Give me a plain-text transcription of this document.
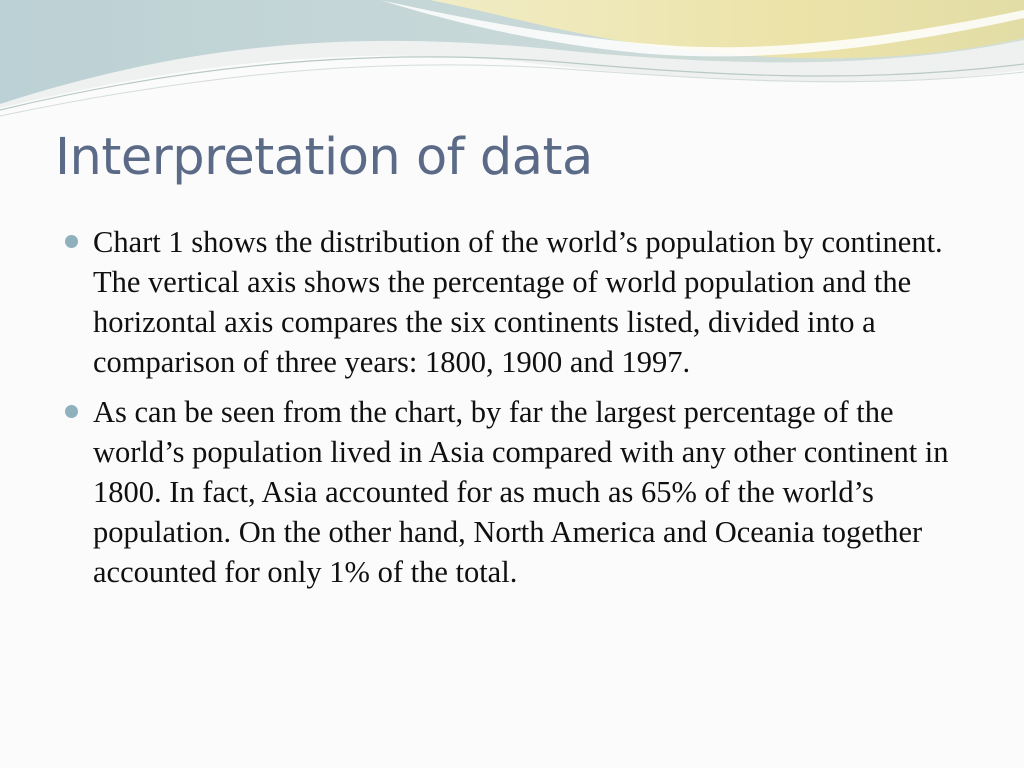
Interpretation of data
Chart 1 shows the distribution of the world’s population by continent. The vertical axis shows the percentage of world population and the horizontal axis compares the six continents listed, divided into a comparison of three years: 1800, 1900 and 1997.
As can be seen from the chart, by far the largest percentage of the world’s population lived in Asia compared with any other continent in 1800. In fact, Asia accounted for as much as 65% of the world’s population. On the other hand, North America and Oceania together accounted for only 1% of the total.
